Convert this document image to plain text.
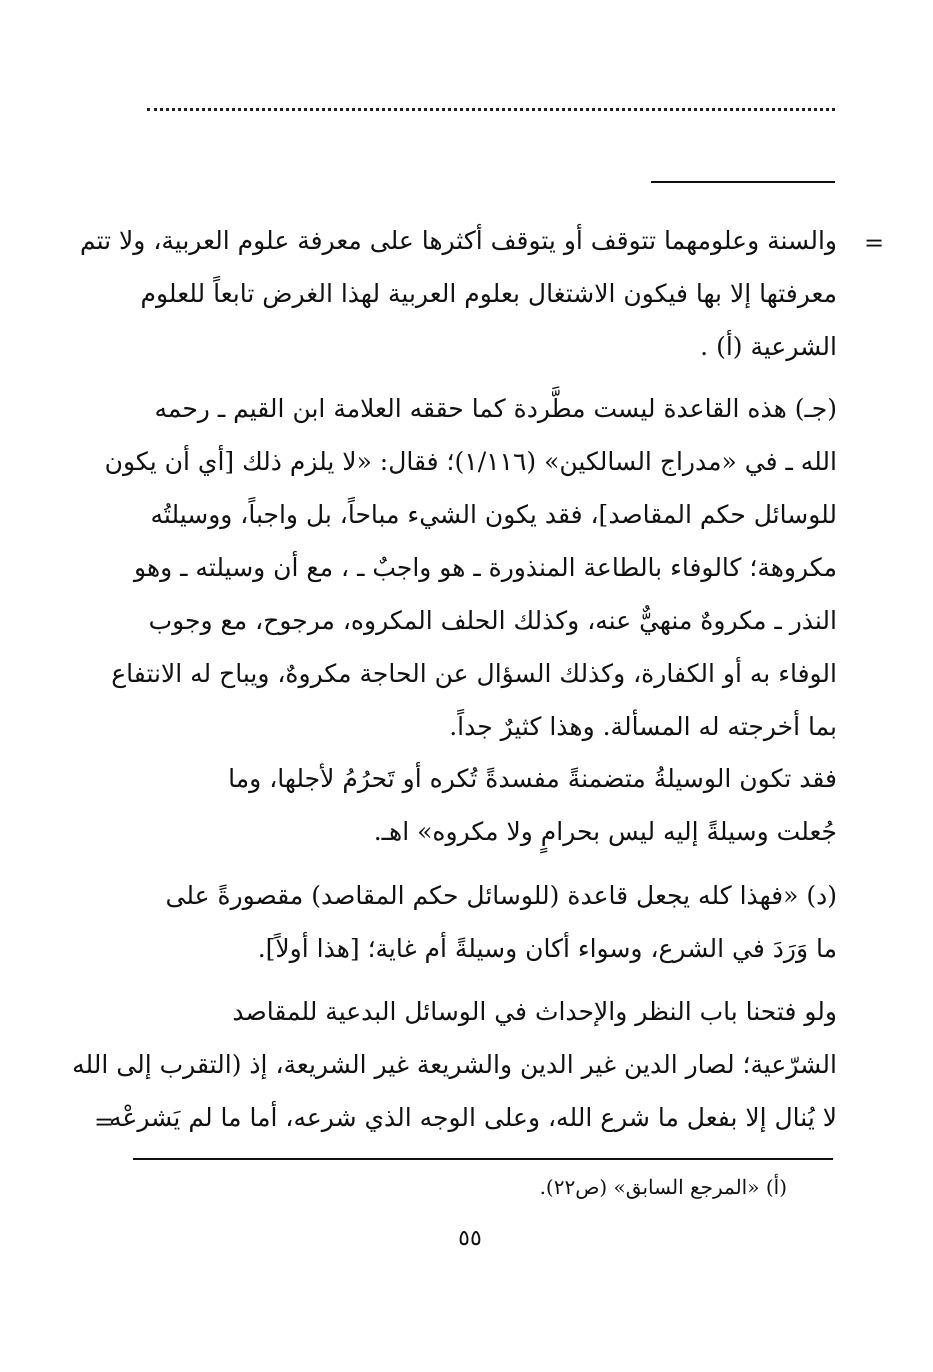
=
والسنة وعلومهما تتوقف أو يتوقف أكثرها على معرفة علوم العربية، ولا تتم
معرفتها إلا بها فيكون الاشتغال بعلوم العربية لهذا الغرض تابعاً للعلوم
الشرعية (أ) .
(جـ) هذه القاعدة ليست مطَّردة كما حققه العلامة ابن القيم ـ رحمه
الله ـ في «مدراج السالكين» (١/١١٦)؛ فقال: «لا يلزم ذلك [أي أن يكون
للوسائل حكم المقاصد]، فقد يكون الشيء مباحاً، بل واجباً، ووسيلتُه
مكروهة؛ كالوفاء بالطاعة المنذورة ـ هو واجبٌ ـ ، مع أن وسيلته ـ وهو
النذر ـ مكروهٌ منهيٌّ عنه، وكذلك الحلف المكروه، مرجوح، مع وجوب
الوفاء به أو الكفارة، وكذلك السؤال عن الحاجة مكروهٌ، ويباح له الانتفاع
بما أخرجته له المسألة. وهذا كثيرٌ جداً.
فقد تكون الوسيلةُ متضمنةً مفسدةً تُكره أو تَحرُمُ لأجلها، وما
جُعلت وسيلةً إليه ليس بحرامٍ ولا مكروه» اهـ.
(د) «فهذا كله يجعل قاعدة (للوسائل حكم المقاصد) مقصورةً على
ما وَرَدَ في الشرع، وسواء أكان وسيلةً أم غاية؛ [هذا أولاً].
ولو فتحنا باب النظر والإحداث في الوسائل البدعية للمقاصد
الشرّعية؛ لصار الدين غير الدين والشريعة غير الشريعة، إذ (التقرب إلى الله
لا يُنال إلا بفعل ما شرع الله، وعلى الوجه الذي شرعه، أما ما لم يَشرعْه
=
(أ) «المرجع السابق» (ص٢٢).
٥٥
